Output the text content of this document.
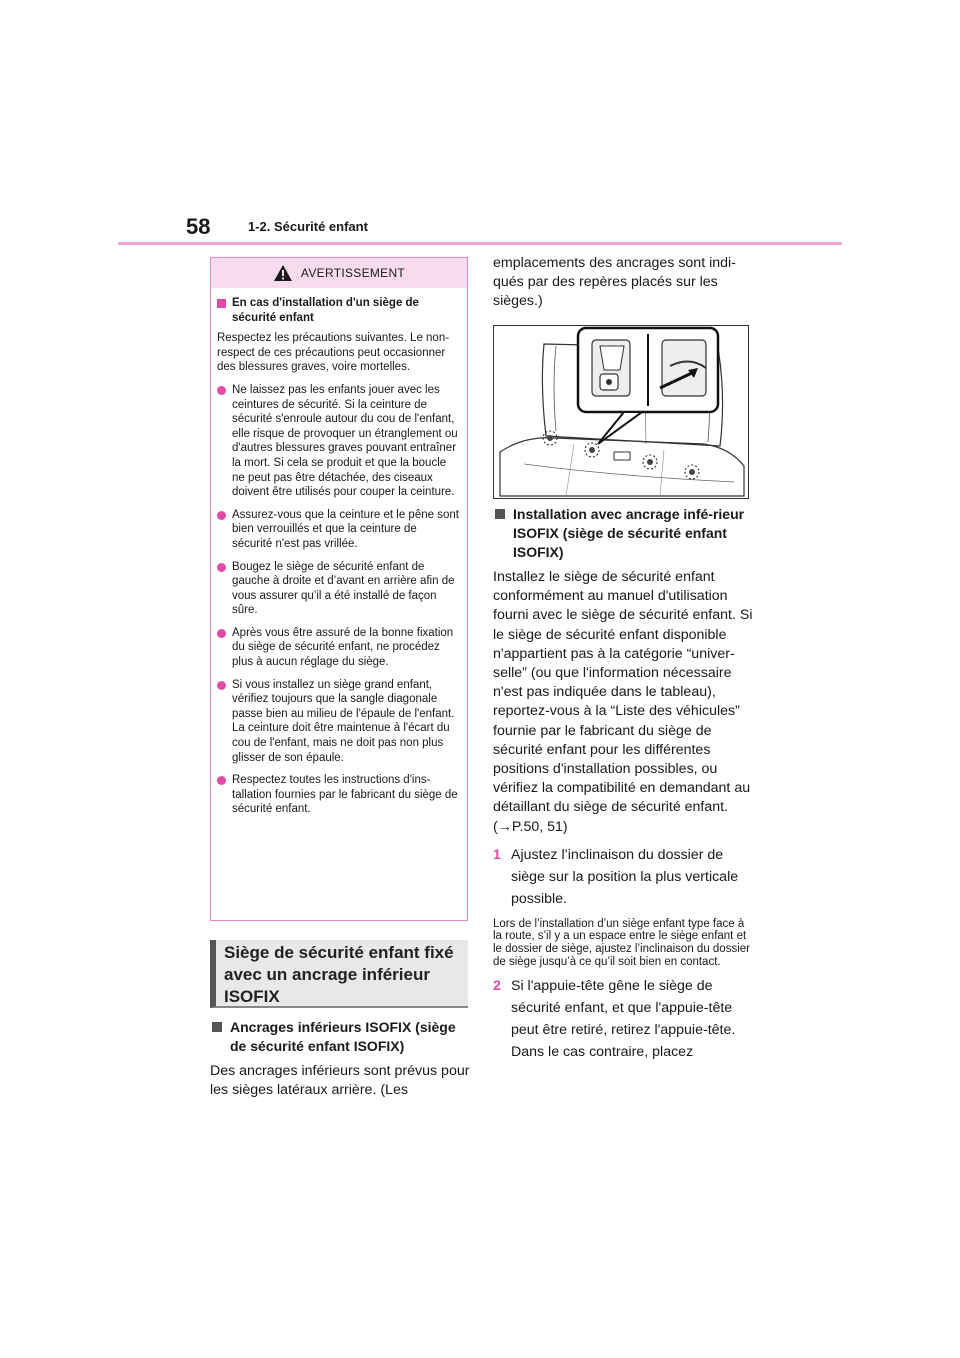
58	1-2. Sécurité enfant
AVERTISSEMENT
En cas d'installation d'un siège de sécurité enfant

Respectez les précautions suivantes. Le non-respect de ces précautions peut occasionner des blessures graves, voire mortelles.

Ne laissez pas les enfants jouer avec les ceintures de sécurité. Si la ceinture de sécurité s'enroule autour du cou de l'enfant, elle risque de provoquer un étranglement ou d'autres blessures graves pouvant entraîner la mort. Si cela se produit et que la boucle ne peut pas être détachée, des ciseaux doivent être utilisés pour couper la ceinture.
Assurez-vous que la ceinture et le pêne sont bien verrouillés et que la ceinture de sécurité n'est pas vrillée.
Bougez le siège de sécurité enfant de gauche à droite et d’avant en arrière afin de vous assurer qu’il a été installé de façon sûre.
Après vous être assuré de la bonne fixation du siège de sécurité enfant, ne procédez plus à aucun réglage du siège.
Si vous installez un siège grand enfant, vérifiez toujours que la sangle diagonale passe bien au milieu de l'épaule de l'enfant. La ceinture doit être maintenue à l'écart du cou de l'enfant, mais ne doit pas non plus glisser de son épaule.
Respectez toutes les instructions d'ins-tallation fournies par le fabricant du siège de sécurité enfant.
Siège de sécurité enfant fixé avec un ancrage inférieur ISOFIX
Ancrages inférieurs ISOFIX (siège de sécurité enfant ISOFIX)

Des ancrages inférieurs sont prévus pour les sièges latéraux arrière. (Les

emplacements des ancrages sont indi-qués par des repères placés sur les sièges.)
Installation avec ancrage infé-rieur ISOFIX (siège de sécurité enfant ISOFIX)

Installez le siège de sécurité enfant conformément au manuel d'utilisation fourni avec le siège de sécurité enfant. Si le siège de sécurité enfant disponible n'appartient pas à la catégorie “univer-selle” (ou que l'information nécessaire n'est pas indiquée dans le tableau), reportez-vous à la “Liste des véhicules” fournie par le fabricant du siège de sécurité enfant pour les différentes positions d'installation possibles, ou vérifiez la compatibilité en demandant au détaillant du siège de sécurité enfant. (→P.50, 51)

1 Ajustez l’inclinaison du dossier de siège sur la position la plus verticale possible.
Lors de l’installation d’un siège enfant type face à la route, s’il y a un espace entre le siège enfant et le dossier de siège, ajustez l’inclinaison du dossier de siège jusqu’à ce qu’il soit bien en contact.
2 Si l'appuie-tête gêne le siège de sécurité enfant, et que l'appuie-tête peut être retiré, retirez l'appuie-tête. Dans le cas contraire, placez
